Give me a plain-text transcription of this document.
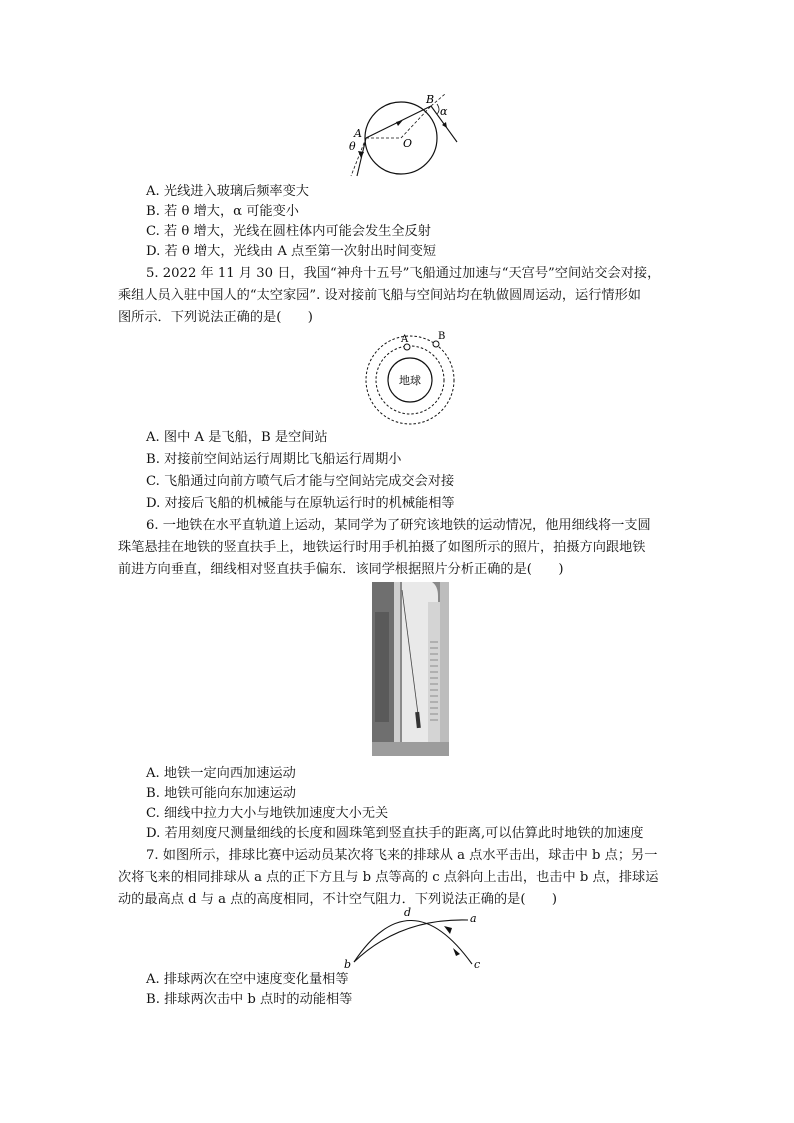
A
B
O
θ
α
A. 光线进入玻璃后频率变大
B. 若 θ 增大，α 可能变小
C. 若 θ 增大，光线在圆柱体内可能会发生全反射
D. 若 θ 增大，光线由 A 点至第一次射出时间变短
5. 2022 年 11 月 30 日，我国“神舟十五号”飞船通过加速与“天宫号”空间站交会对接，
乘组人员入驻中国人的“太空家园”. 设对接前飞船与空间站均在轨做圆周运动，运行情形如
图所示．下列说法正确的是(　　)
地球
A	B
A. 图中 A 是飞船，B 是空间站
B. 对接前空间站运行周期比飞船运行周期小
C. 飞船通过向前方喷气后才能与空间站完成交会对接
D. 对接后飞船的机械能与在原轨运行时的机械能相等
6. 一地铁在水平直轨道上运动，某同学为了研究该地铁的运动情况，他用细线将一支圆
珠笔悬挂在地铁的竖直扶手上，地铁运行时用手机拍摄了如图所示的照片，拍摄方向跟地铁
前进方向垂直，细线相对竖直扶手偏东．该同学根据照片分析正确的是(　　)
A. 地铁一定向西加速运动
B. 地铁可能向东加速运动
C. 细线中拉力大小与地铁加速度大小无关
D. 若用刻度尺测量细线的长度和圆珠笔到竖直扶手的距离,可以估算此时地铁的加速度
7. 如图所示，排球比赛中运动员某次将飞来的排球从 a 点水平击出，球击中 b 点；另一
次将飞来的相同排球从 a 点的正下方且与 b 点等高的 c 点斜向上击出，也击中 b 点，排球运
动的最高点 d 与 a 点的高度相同，不计空气阻力．下列说法正确的是(　　)
a
b	c
d
A. 排球两次在空中速度变化量相等
B. 排球两次击中 b 点时的动能相等
